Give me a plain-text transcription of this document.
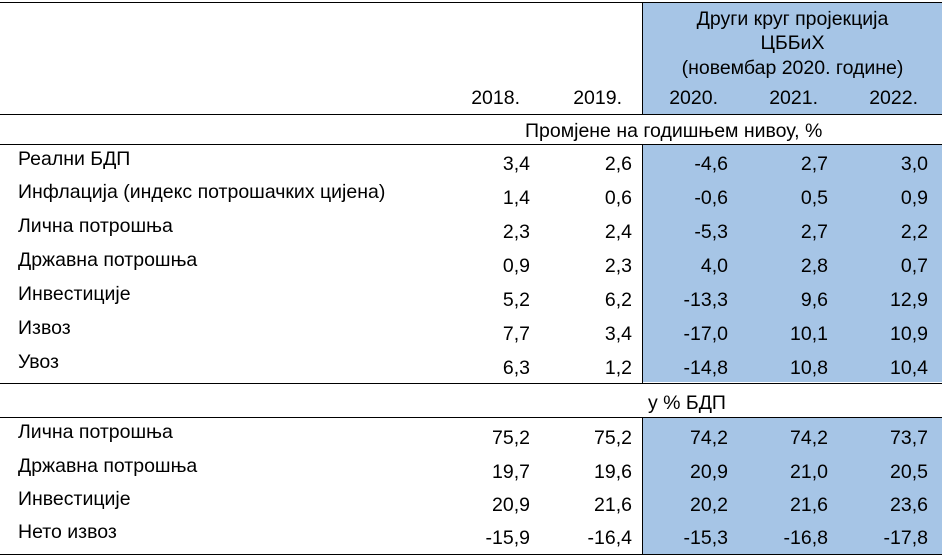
Други круг пројекција
ЦББиХ
(новембар 2020. године)
2018.	2019.	2020.	2021.	2022.
Промјене на годишњем нивоу, %
у % БДП
Реални БДП	3,4	2,6	-4,6	2,7	3,0
Инфлација (индекс потрошачких цијена)	1,4	0,6	-0,6	0,5	0,9
Лична потрошња	2,3	2,4	-5,3	2,7	2,2
Државна потрошња	0,9	2,3	4,0	2,8	0,7
Инвестиције	5,2	6,2	-13,3	9,6	12,9
Извоз	7,7	3,4	-17,0	10,1	10,9
Увоз	6,3	1,2	-14,8	10,8	10,4
Лична потрошња	75,2	75,2	74,2	74,2	73,7
Државна потрошња	19,7	19,6	20,9	21,0	20,5
Инвестиције	20,9	21,6	20,2	21,6	23,6
Нето извоз	-15,9	-16,4	-15,3	-16,8	-17,8
